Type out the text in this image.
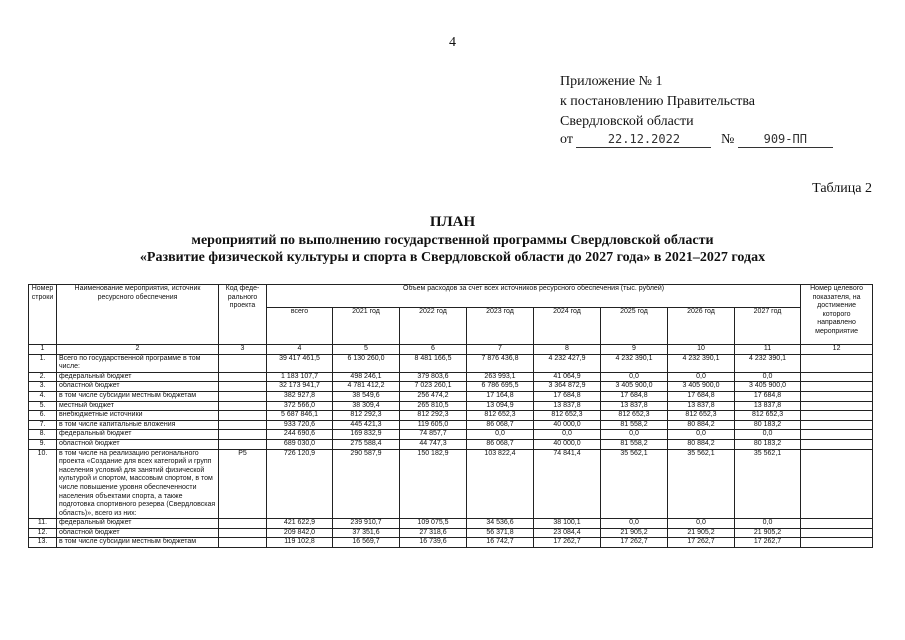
4
Приложение № 1
к постановлению Правительства
Свердловской области
от	22.12.2022	№ 909-ПП
Таблица 2
ПЛАН
мероприятий по выполнению государственной программы Свердловской области
«Развитие физической культуры и спорта в Свердловской области до 2027 года» в 2021–2027 годах
Номер строки	Наименование мероприятия, источник ресурсного обеспечения	Код феде-рального проекта	Объем расходов за счет всех источников ресурсного обеспечения (тыс. рублей)								Номер целевого показателя, на достижение которого направлено мероприятие
			всего	2021 год	2022 год	2023 год	2024 год	2025 год	2026 год	2027 год	
1	2	3	4	5	6	7	8	9	10	11	12
1.	Всего по государственной программе в том числе:		39 417 461,5	6 130 260,0	8 481 166,5	7 876 436,8	4 232 427,9	4 232 390,1	4 232 390,1	4 232 390,1	
2.	федеральный бюджет		1 183 107,7	498 246,1	379 803,6	263 993,1	41 064,9	0,0	0,0	0,0	
3.	областной бюджет		32 173 941,7	4 781 412,2	7 023 260,1	6 786 695,5	3 364 872,9	3 405 900,0	3 405 900,0	3 405 900,0	
4.	в том числе субсидии местным бюджетам		382 927,8	38 549,6	256 474,2	17 164,8	17 684,8	17 684,8	17 684,8	17 684,8	
5.	местный бюджет		372 566,0	38 309,4	265 810,5	13 094,9	13 837,8	13 837,8	13 837,8	13 837,8	
6.	внебюджетные источники		5 687 846,1	812 292,3	812 292,3	812 652,3	812 652,3	812 652,3	812 652,3	812 652,3	
7.	в том числе капитальные вложения		933 720,6	445 421,3	119 605,0	86 068,7	40 000,0	81 558,2	80 884,2	80 183,2	
8.	федеральный бюджет		244 690,6	169 832,9	74 857,7	0,0	0,0	0,0	0,0	0,0	
9.	областной бюджет		689 030,0	275 588,4	44 747,3	86 068,7	40 000,0	81 558,2	80 884,2	80 183,2	
10.	в том числе на реализацию регионального проекта «Создание для всех категорий и групп населения условий для занятий физической культурой и спортом, массовым спортом, в том числе повышение уровня обеспеченности населения объектами спорта, а также подготовка спортивного резерва (Свердловская область)», всего из них:	Р5	726 120,9	290 587,9	150 182,9	103 822,4	74 841,4	35 562,1	35 562,1	35 562,1	
11.	федеральный бюджет		421 622,9	239 910,7	109 075,5	34 536,6	38 100,1	0,0	0,0	0,0	
12.	областной бюджет		209 842,0	37 351,6	27 318,6	56 371,8	23 084,4	21 905,2	21 905,2	21 905,2	
13.	в том числе субсидии местным бюджетам		119 102,8	16 569,7	16 739,6	16 742,7	17 262,7	17 262,7	17 262,7	17 262,7	
